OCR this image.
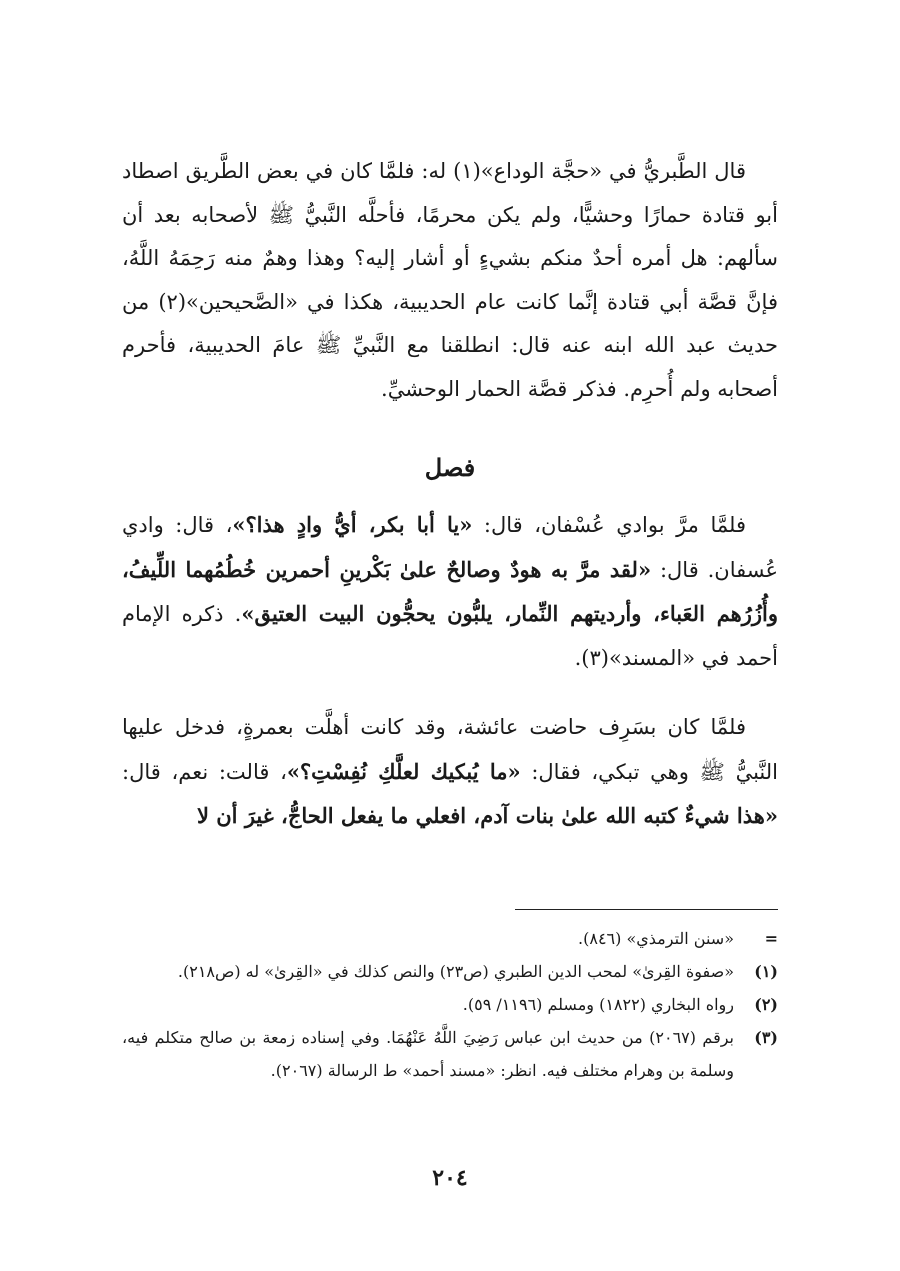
قال الطَّبريُّ في «حجَّة الوداع»(١) له: فلمَّا كان في بعض الطَّريق اصطاد أبو قتادة حمارًا وحشيًّا، ولم يكن محرمًا، فأحلَّه النَّبيُّ ﷺ لأصحابه بعد أن سألهم: هل أمره أحدٌ منكم بشيءٍ أو أشار إليه؟ وهذا وهمٌ منه رَحِمَهُ اللَّهُ، فإنَّ قصَّة أبي قتادة إنَّما كانت عام الحديبية، هكذا في «الصَّحيحين»(٢) من حديث عبد الله ابنه عنه قال: انطلقنا مع النَّبيِّ ﷺ عامَ الحديبية، فأحرم أصحابه ولم أُحرِم. فذكر قصَّة الحمار الوحشيِّ.

فصل

فلمَّا مرَّ بوادي عُسْفان، قال: «يا أبا بكر، أيُّ وادٍ هذا؟»، قال: وادي عُسفان. قال: «لقد مرَّ به هودٌ وصالحٌ علىٰ بَكْرينِ أحمرين خُطُمُهما اللِّيفُ، وأُزُرُهم العَباء، وأرديتهم النِّمار، يلبُّون يحجُّون البيت العتيق». ذكره الإمام أحمد في «المسند»(٣).

فلمَّا كان بسَرِف حاضت عائشة، وقد كانت أهلَّت بعمرةٍ، فدخل عليها النَّبيُّ ﷺ وهي تبكي، فقال: «ما يُبكيك لعلَّكِ نُفِسْتِ؟»، قالت: نعم، قال: «هذا شيءٌ كتبه الله علىٰ بنات آدم، افعلي ما يفعل الحاجُّ، غيرَ أن لا

=
«سنن الترمذي» (٨٤٦).
(١)
«صفوة القِرىٰ» لمحب الدين الطبري (ص٢٣) والنص كذلك في «القِرىٰ» له (ص٢١٨).
(٢)
رواه البخاري (١٨٢٢) ومسلم (١١٩٦/ ٥٩).
(٣)
برقم (٢٠٦٧) من حديث ابن عباس رَضِيَ اللَّهُ عَنْهُمَا. وفي إسناده زمعة بن صالح متكلم فيه، وسلمة بن وهرام مختلف فيه. انظر: «مسند أحمد» ط الرسالة (٢٠٦٧).
٢٠٤
